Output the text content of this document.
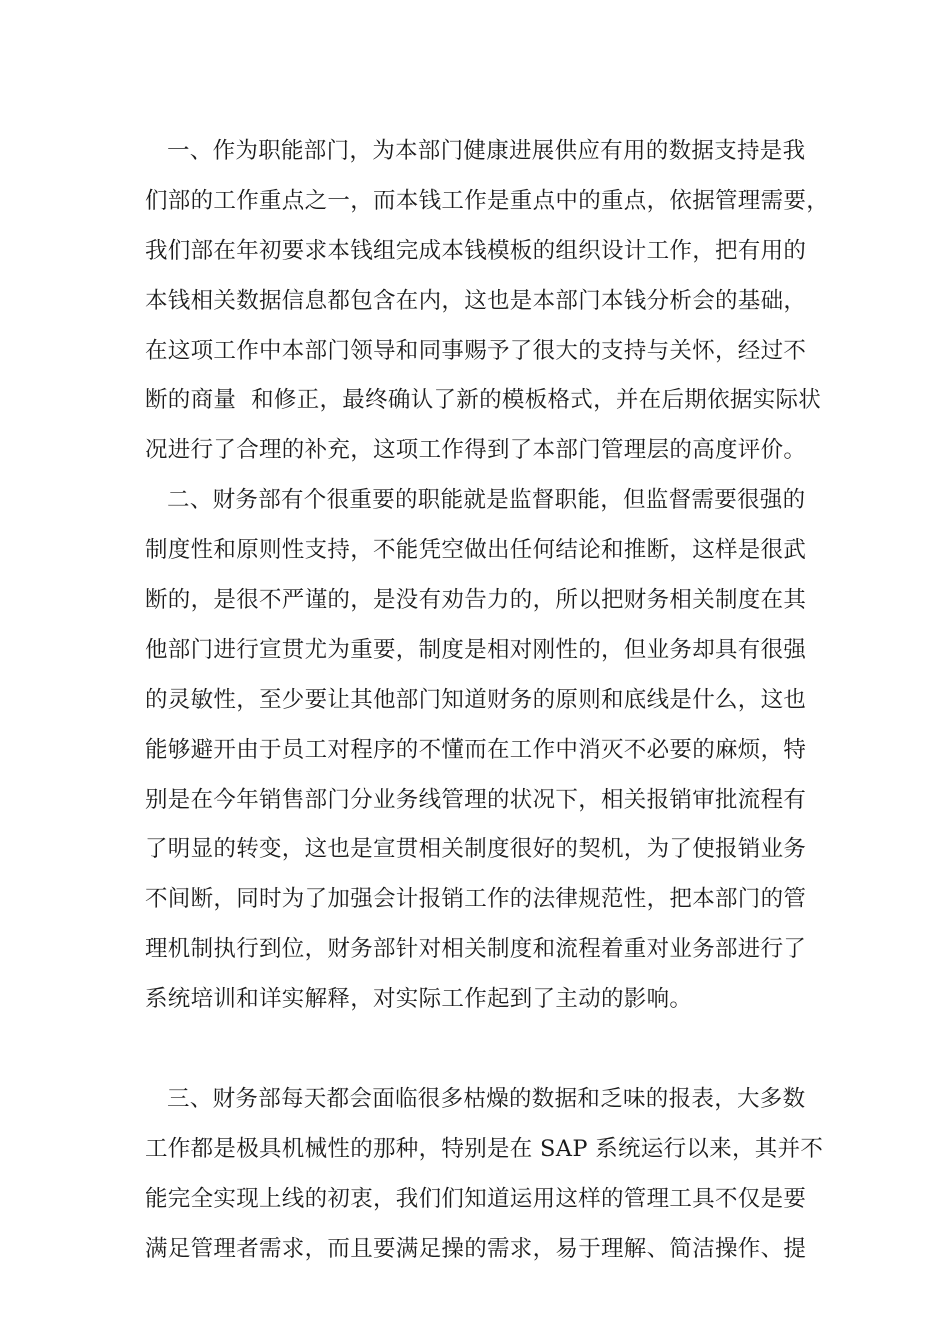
一、作为职能部门，为本部门健康进展供应有用的数据支持是我
们部的工作重点之一，而本钱工作是重点中的重点，依据管理需要，
我们部在年初要求本钱组完成本钱模板的组织设计工作，把有用的
本钱相关数据信息都包含在内，这也是本部门本钱分析会的基础，
在这项工作中本部门领导和同事赐予了很大的支持与关怀，经过不
断的商量  和修正，最终确认了新的模板格式，并在后期依据实际状
况进行了合理的补充，这项工作得到了本部门管理层的高度评价。
二、财务部有个很重要的职能就是监督职能，但监督需要很强的
制度性和原则性支持，不能凭空做出任何结论和推断，这样是很武
断的，是很不严谨的，是没有劝告力的，所以把财务相关制度在其
他部门进行宣贯尤为重要，制度是相对刚性的，但业务却具有很强
的灵敏性，至少要让其他部门知道财务的原则和底线是什么，这也
能够避开由于员工对程序的不懂而在工作中消灭不必要的麻烦，特
别是在今年销售部门分业务线管理的状况下，相关报销审批流程有
了明显的转变，这也是宣贯相关制度很好的契机，为了使报销业务
不间断，同时为了加强会计报销工作的法律规范性，把本部门的管
理机制执行到位，财务部针对相关制度和流程着重对业务部进行了
系统培训和详实解释，对实际工作起到了主动的影响。
三、财务部每天都会面临很多枯燥的数据和乏味的报表，大多数
工作都是极具机械性的那种，特别是在 SAP 系统运行以来，其并不
能完全实现上线的初衷，我们们知道运用这样的管理工具不仅是要
满足管理者需求，而且要满足操的需求，易于理解、简洁操作、提
